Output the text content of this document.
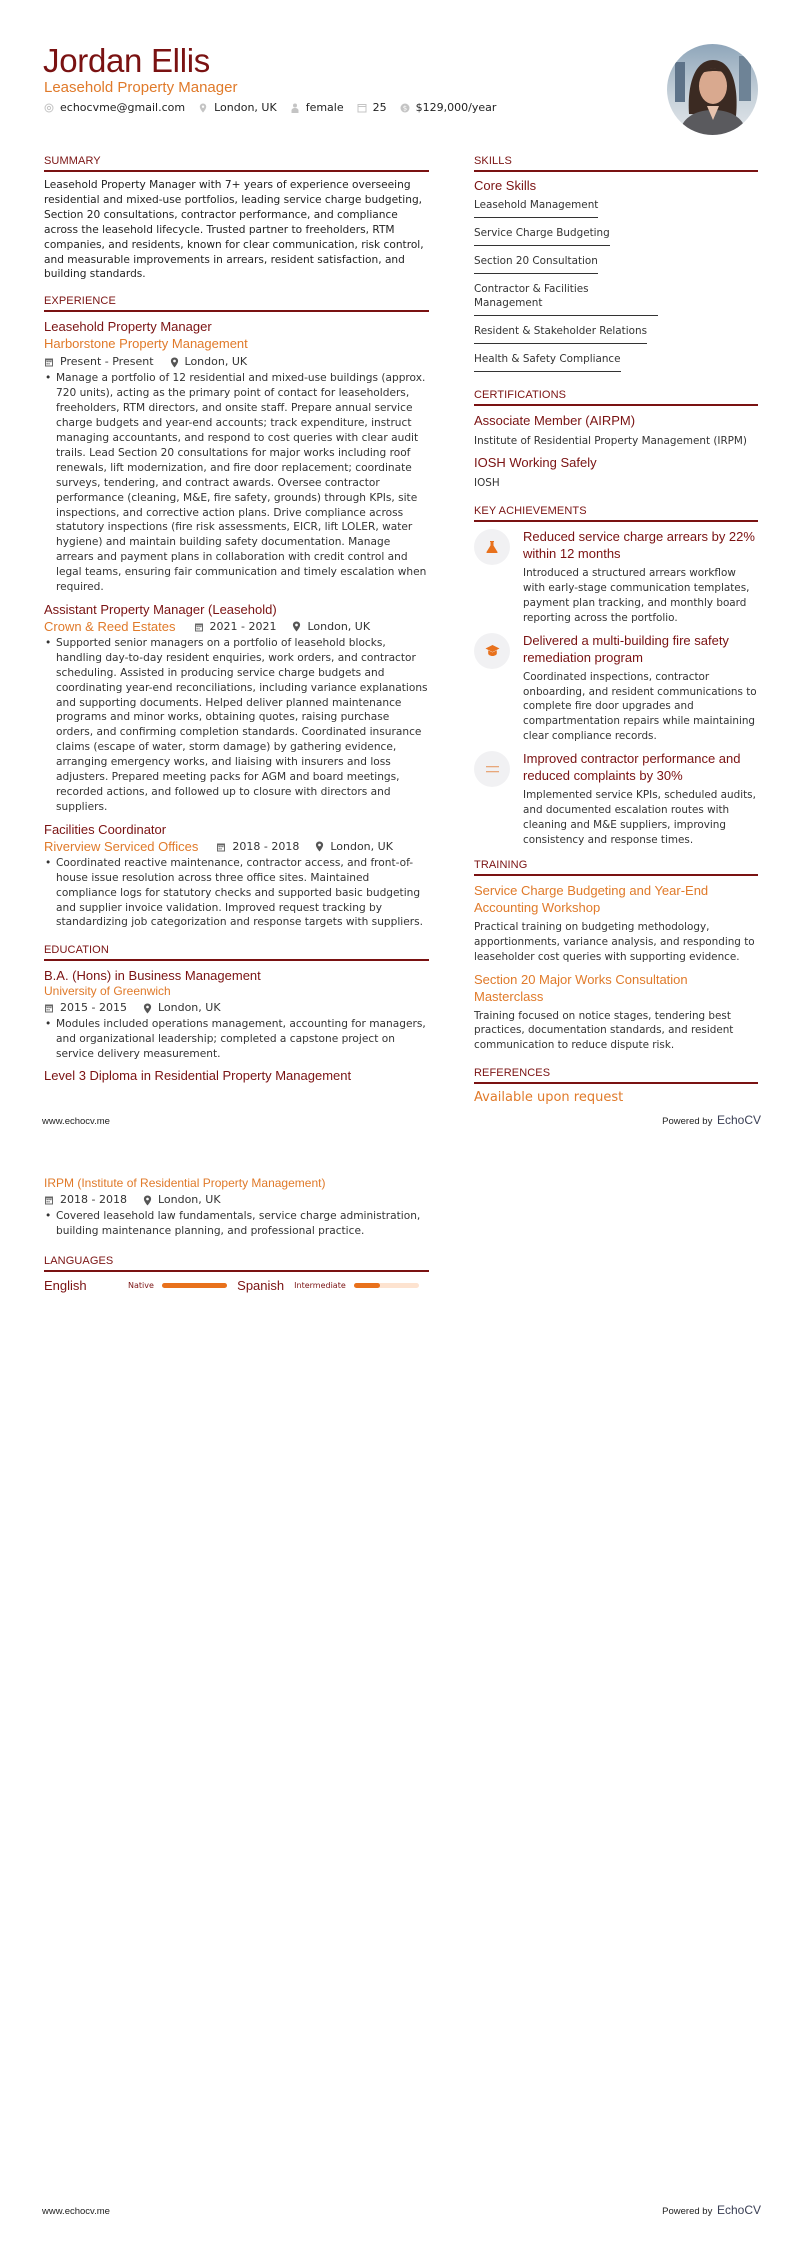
Jordan Ellis
Leasehold Property Manager
echocvme@gmail.com	London, UK	female	25 $ $129,000/year
SUMMARY

Leasehold Property Manager with 7+ years of experience overseeing residential and mixed-use portfolios, leading service charge budgeting, Section 20 consultations, contractor performance, and compliance across the leasehold lifecycle. Trusted partner to freeholders, RTM companies, and residents, known for clear communication, risk control, and measurable improvements in arrears, resident satisfaction, and building standards.

EXPERIENCE
Leasehold Property Manager
Harborstone Property Management
Present - Present	London, UK
• Manage a portfolio of 12 residential and mixed-use buildings (approx. 720 units), acting as the primary point of contact for leaseholders, freeholders, RTM directors, and onsite staff. Prepare annual service charge budgets and year-end accounts; track expenditure, instruct managing accountants, and respond to cost queries with clear audit trails. Lead Section 20 consultations for major works including roof renewals, lift modernization, and fire door replacement; coordinate surveys, tendering, and contract awards. Oversee contractor performance (cleaning, M&E, fire safety, grounds) through KPIs, site inspections, and corrective action plans. Drive compliance across statutory inspections (fire risk assessments, EICR, lift LOLER, water hygiene) and maintain building safety documentation. Manage arrears and payment plans in collaboration with credit control and legal teams, ensuring fair communication and timely escalation when required.
Assistant Property Manager (Leasehold)
Crown & Reed Estates	2021 - 2021	London, UK
• Supported senior managers on a portfolio of leasehold blocks, handling day-to-day resident enquiries, work orders, and contractor scheduling. Assisted in producing service charge budgets and coordinating year-end reconciliations, including variance explanations and supporting documents. Helped deliver planned maintenance programs and minor works, obtaining quotes, raising purchase orders, and confirming completion standards. Coordinated insurance claims (escape of water, storm damage) by gathering evidence, arranging emergency works, and liaising with insurers and loss adjusters. Prepared meeting packs for AGM and board meetings, recorded actions, and followed up to closure with directors and suppliers.
Facilities Coordinator
Riverview Serviced Offices	2018 - 2018	London, UK
• Coordinated reactive maintenance, contractor access, and front-of-house issue resolution across three office sites. Maintained compliance logs for statutory checks and supported basic budgeting and supplier invoice validation. Improved request tracking by standardizing job categorization and response targets with suppliers.
EDUCATION
B.A. (Hons) in Business Management
University of Greenwich
2015 - 2015	London, UK
• Modules included operations management, accounting for managers, and organizational leadership; completed a capstone project on service delivery measurement.
Level 3 Diploma in Residential Property Management
SKILLS
Core Skills
Leasehold Management
Service Charge Budgeting
Section 20 Consultation
Contractor & Facilities Management
Resident & Stakeholder Relations
Health & Safety Compliance
CERTIFICATIONS
Associate Member (AIRPM)
Institute of Residential Property Management (IRPM)
IOSH Working Safely
IOSH
KEY ACHIEVEMENTS
Reduced service charge arrears by 22% within 12 months
Introduced a structured arrears workflow with early-stage communication templates, payment plan tracking, and monthly board reporting across the portfolio.
Delivered a multi-building fire safety remediation program
Coordinated inspections, contractor onboarding, and resident communications to complete fire door upgrades and compartmentation repairs while maintaining clear compliance records.
Improved contractor performance and reduced complaints by 30%
Implemented service KPIs, scheduled audits, and documented escalation routes with cleaning and M&E suppliers, improving consistency and response times.
TRAINING
Service Charge Budgeting and Year-End Accounting Workshop
Practical training on budgeting methodology, apportionments, variance analysis, and responding to leaseholder cost queries with supporting evidence.
Section 20 Major Works Consultation Masterclass
Training focused on notice stages, tendering best practices, documentation standards, and resident communication to reduce dispute risk.
REFERENCES
Available upon request
www.echocv.me	Powered by EchoCV
IRPM (Institute of Residential Property Management)
2018 - 2018	London, UK
• Covered leasehold law fundamentals, service charge administration, building maintenance planning, and professional practice.
LANGUAGES
English	Native	Spanish Intermediate
www.echocv.me	Powered by EchoCV
